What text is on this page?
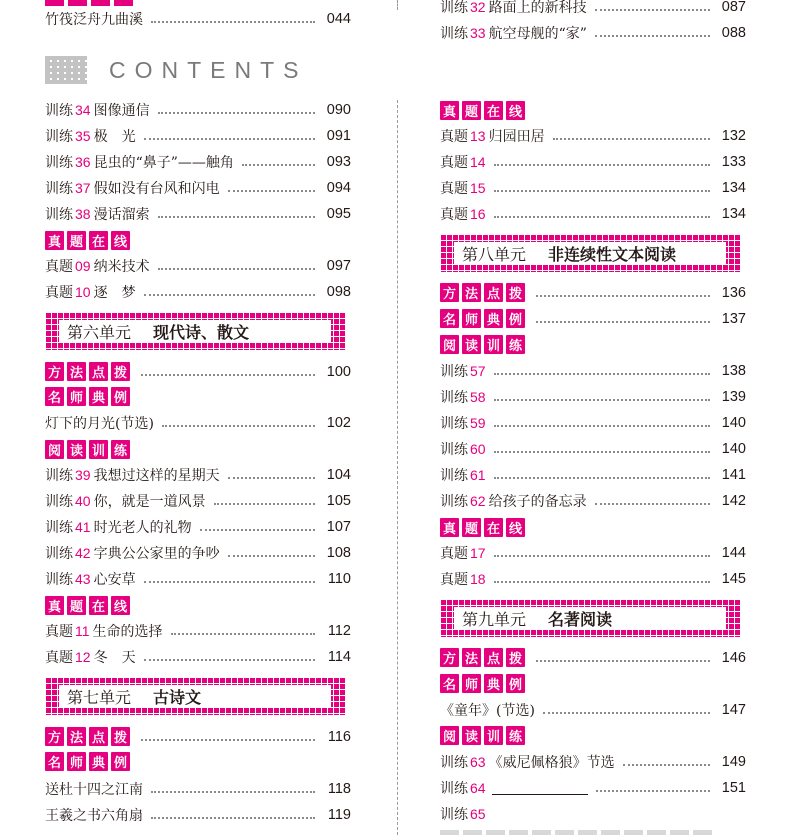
CONTENTS
竹筏泛舟九曲溪	044
训练 34 图像通信	090
训练 35 极　光	091
训练 36 昆虫的“鼻子”——触角	093
训练 37 假如没有台风和闪电	094
训练 38 漫话溜索	095
真 题 在 线
真题 09 纳米技术	097
真题 10 逐　梦	098
第六单元 现代诗、散文
方 法 点 拨	100
名 师 典 例
灯下的月光(节选)	102
阅 读 训 练
训练 39 我想过这样的星期天	104
训练 40 你，就是一道风景	105
训练 41 时光老人的礼物	107
训练 42 字典公公家里的争吵	108
训练 43 心安草	110
真 题 在 线
真题 11 生命的选择	112
真题 12 冬　天	114
第七单元 古诗文
方 法 点 拨	116
名 师 典 例
送杜十四之江南	118
王羲之书六角扇	119
训练 32 路面上的新科技	087
训练 33 航空母舰的“家”	088
真 题 在 线
真题 13 归园田居	132
真题 14	133
真题 15	134
真题 16	134
第八单元 非连续性文本阅读
方 法 点 拨	136
名 师 典 例	137
阅 读 训 练
训练 57	138
训练 58	139
训练 59	140
训练 60	140
训练 61	141
训练 62 给孩子的备忘录	142
真 题 在 线
真题 17	144
真题 18	145
第九单元 名著阅读
方 法 点 拨	146
名 师 典 例
《童年》(节选)	147
阅 读 训 练
训练 63 《威尼佩格狼》节选	149
训练 64	151
训练 65
